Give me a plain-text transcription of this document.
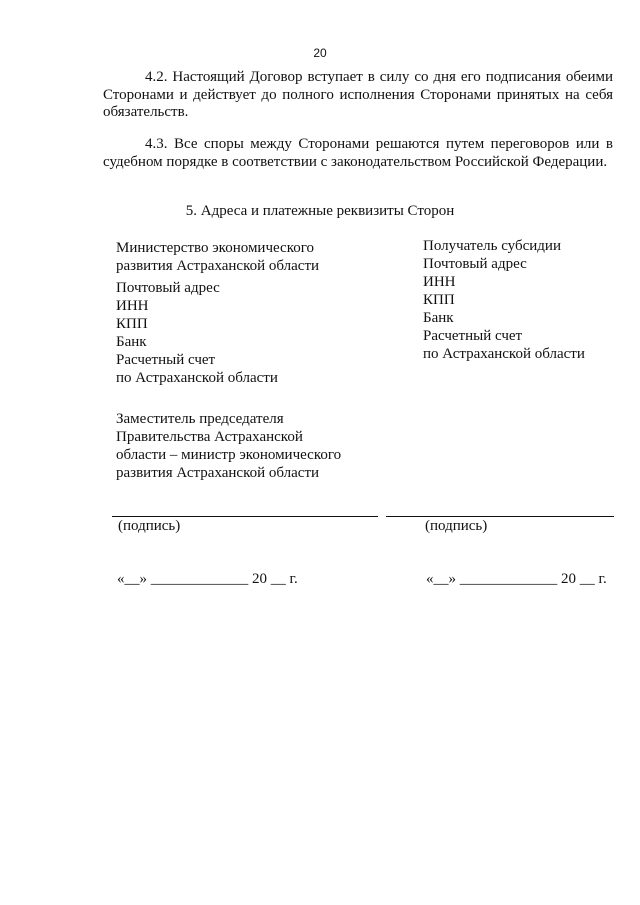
20

4.2. Настоящий Договор вступает в силу со дня его подписания обеими Сторонами и действует до полного исполнения Сторонами принятых на себя обязательств.

4.3. Все споры между Сторонами решаются путем переговоров или в судебном порядке в соответствии с законодательством Российской Федерации.

5. Адреса и платежные реквизиты Сторон
Министерство экономического
развития Астраханской области
Почтовый адрес
ИНН
КПП
Банк
Расчетный счет
по Астраханской области
Получатель субсидии
Почтовый адрес
ИНН
КПП
Банк
Расчетный счет
по Астраханской области
Заместитель председателя
Правительства Астраханской
области – министр экономического
развития Астраханской области
(подпись)	(подпись)
«__» _____________ 20 __ г.	«__» _____________ 20 __ г.
